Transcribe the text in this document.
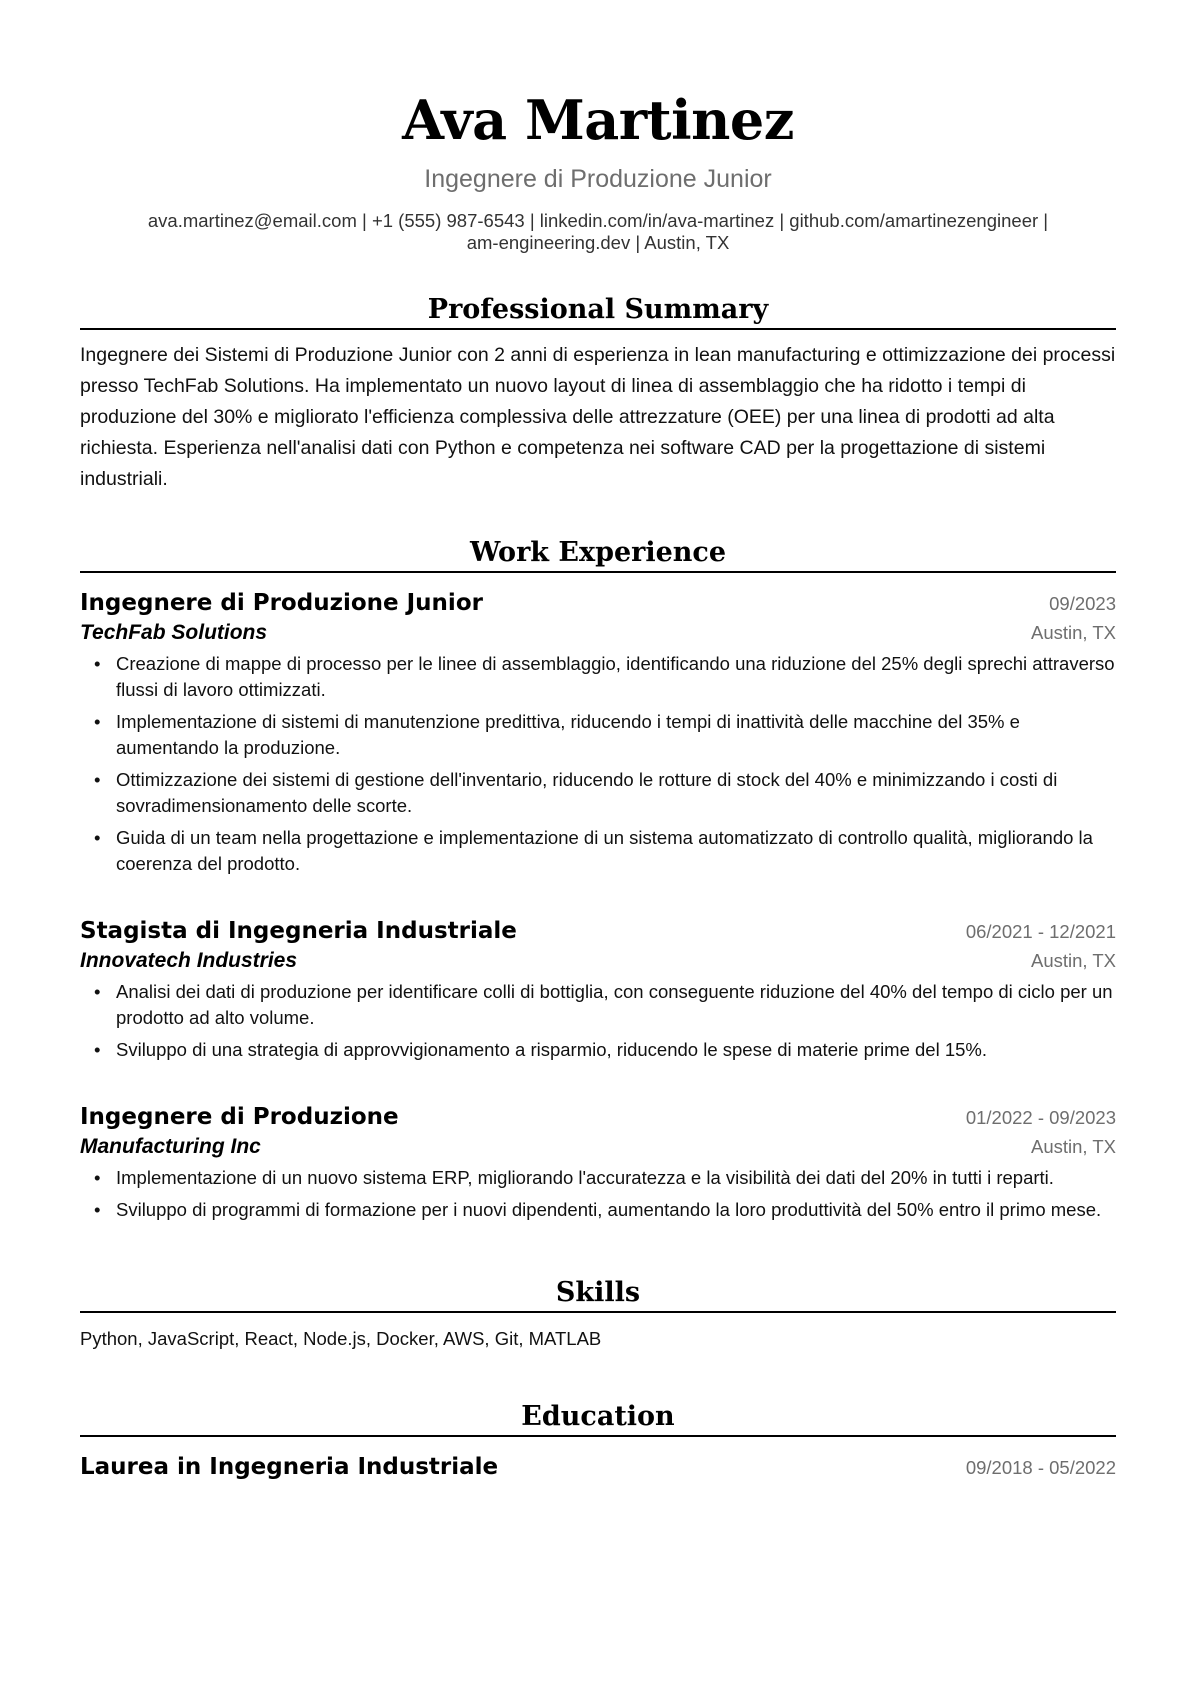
Ava Martinez
Ingegnere di Produzione Junior
ava.martinez@email.com | +1 (555) 987-6543 | linkedin.com/in/ava-martinez | github.com/amartinezengineer |
am-engineering.dev | Austin, TX
Professional Summary

Ingegnere dei Sistemi di Produzione Junior con 2 anni di esperienza in lean manufacturing e ottimizzazione dei processi presso TechFab Solutions. Ha implementato un nuovo layout di linea di assemblaggio che ha ridotto i tempi di produzione del 30% e migliorato l'efficienza complessiva delle attrezzature (OEE) per una linea di prodotti ad alta richiesta. Esperienza nell'analisi dati con Python e competenza nei software CAD per la progettazione di sistemi industriali.

Work Experience
Ingegnere di Produzione Junior	09/2023
TechFab Solutions	Austin, TX
• Creazione di mappe di processo per le linee di assemblaggio, identificando una riduzione del 25% degli sprechi attraverso flussi di lavoro ottimizzati.
• Implementazione di sistemi di manutenzione predittiva, riducendo i tempi di inattività delle macchine del 35% e aumentando la produzione.
• Ottimizzazione dei sistemi di gestione dell'inventario, riducendo le rotture di stock del 40% e minimizzando i costi di sovradimensionamento delle scorte.
• Guida di un team nella progettazione e implementazione di un sistema automatizzato di controllo qualità, migliorando la coerenza del prodotto.
Stagista di Ingegneria Industriale	06/2021 - 12/2021
Innovatech Industries	Austin, TX
• Analisi dei dati di produzione per identificare colli di bottiglia, con conseguente riduzione del 40% del tempo di ciclo per un prodotto ad alto volume.
• Sviluppo di una strategia di approvvigionamento a risparmio, riducendo le spese di materie prime del 15%.
Ingegnere di Produzione	01/2022 - 09/2023
Manufacturing Inc	Austin, TX
• Implementazione di un nuovo sistema ERP, migliorando l'accuratezza e la visibilità dei dati del 20% in tutti i reparti.
• Sviluppo di programmi di formazione per i nuovi dipendenti, aumentando la loro produttività del 50% entro il primo mese.
Skills
Python, JavaScript, React, Node.js, Docker, AWS, Git, MATLAB
Education
Laurea in Ingegneria Industriale	09/2018 - 05/2022
